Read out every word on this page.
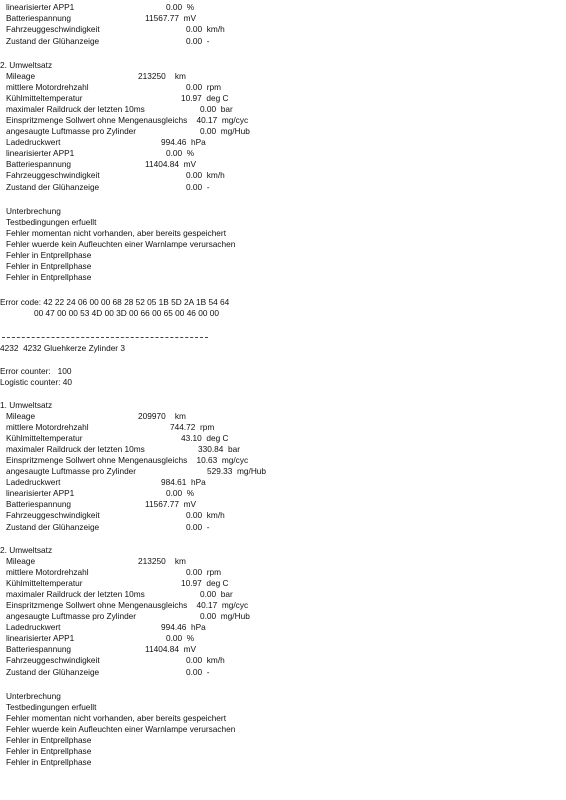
linearisierter APP1	0.00  %
Batteriespannung	11567.77  mV
Fahrzeuggeschwindigkeit	0.00  km/h
Zustand der Glühanzeige	0.00  -
2. Umweltsatz
Mileage	213250    km
mittlere Motordrehzahl	0.00  rpm
Kühlmitteltemperatur	10.97  deg C
maximaler Raildruck der letzten 10ms	0.00  bar
Einspritzmenge Sollwert ohne Mengenausgleichs    40.17  mg/cyc
angesaugte Luftmasse pro Zylinder	0.00  mg/Hub
Ladedruckwert	994.46  hPa
linearisierter APP1	0.00  %
Batteriespannung	11404.84  mV
Fahrzeuggeschwindigkeit	0.00  km/h
Zustand der Glühanzeige	0.00  -
Unterbrechung
Testbedingungen erfuellt
Fehler momentan nicht vorhanden, aber bereits gespeichert
Fehler wuerde kein Aufleuchten einer Warnlampe verursachen
Fehler in Entprellphase
Fehler in Entprellphase
Fehler in Entprellphase
Error code: 42 22 24 06 00 00 68 28 52 05 1B 5D 2A 1B 54 64
00 47 00 00 53 4D 00 3D 00 66 00 65 00 46 00 00
4232  4232 Gluehkerze Zylinder 3
Error counter:   100
Logistic counter: 40
1. Umweltsatz
Mileage	209970    km
mittlere Motordrehzahl	744.72  rpm
Kühlmitteltemperatur	43.10  deg C
maximaler Raildruck der letzten 10ms	330.84  bar
Einspritzmenge Sollwert ohne Mengenausgleichs    10.63  mg/cyc
angesaugte Luftmasse pro Zylinder	529.33  mg/Hub
Ladedruckwert	984.61  hPa
linearisierter APP1	0.00  %
Batteriespannung	11567.77  mV
Fahrzeuggeschwindigkeit	0.00  km/h
Zustand der Glühanzeige	0.00  -
2. Umweltsatz
Mileage	213250    km
mittlere Motordrehzahl	0.00  rpm
Kühlmitteltemperatur	10.97  deg C
maximaler Raildruck der letzten 10ms	0.00  bar
Einspritzmenge Sollwert ohne Mengenausgleichs    40.17  mg/cyc
angesaugte Luftmasse pro Zylinder	0.00  mg/Hub
Ladedruckwert	994.46  hPa
linearisierter APP1	0.00  %
Batteriespannung	11404.84  mV
Fahrzeuggeschwindigkeit	0.00  km/h
Zustand der Glühanzeige	0.00  -
Unterbrechung
Testbedingungen erfuellt
Fehler momentan nicht vorhanden, aber bereits gespeichert
Fehler wuerde kein Aufleuchten einer Warnlampe verursachen
Fehler in Entprellphase
Fehler in Entprellphase
Fehler in Entprellphase
